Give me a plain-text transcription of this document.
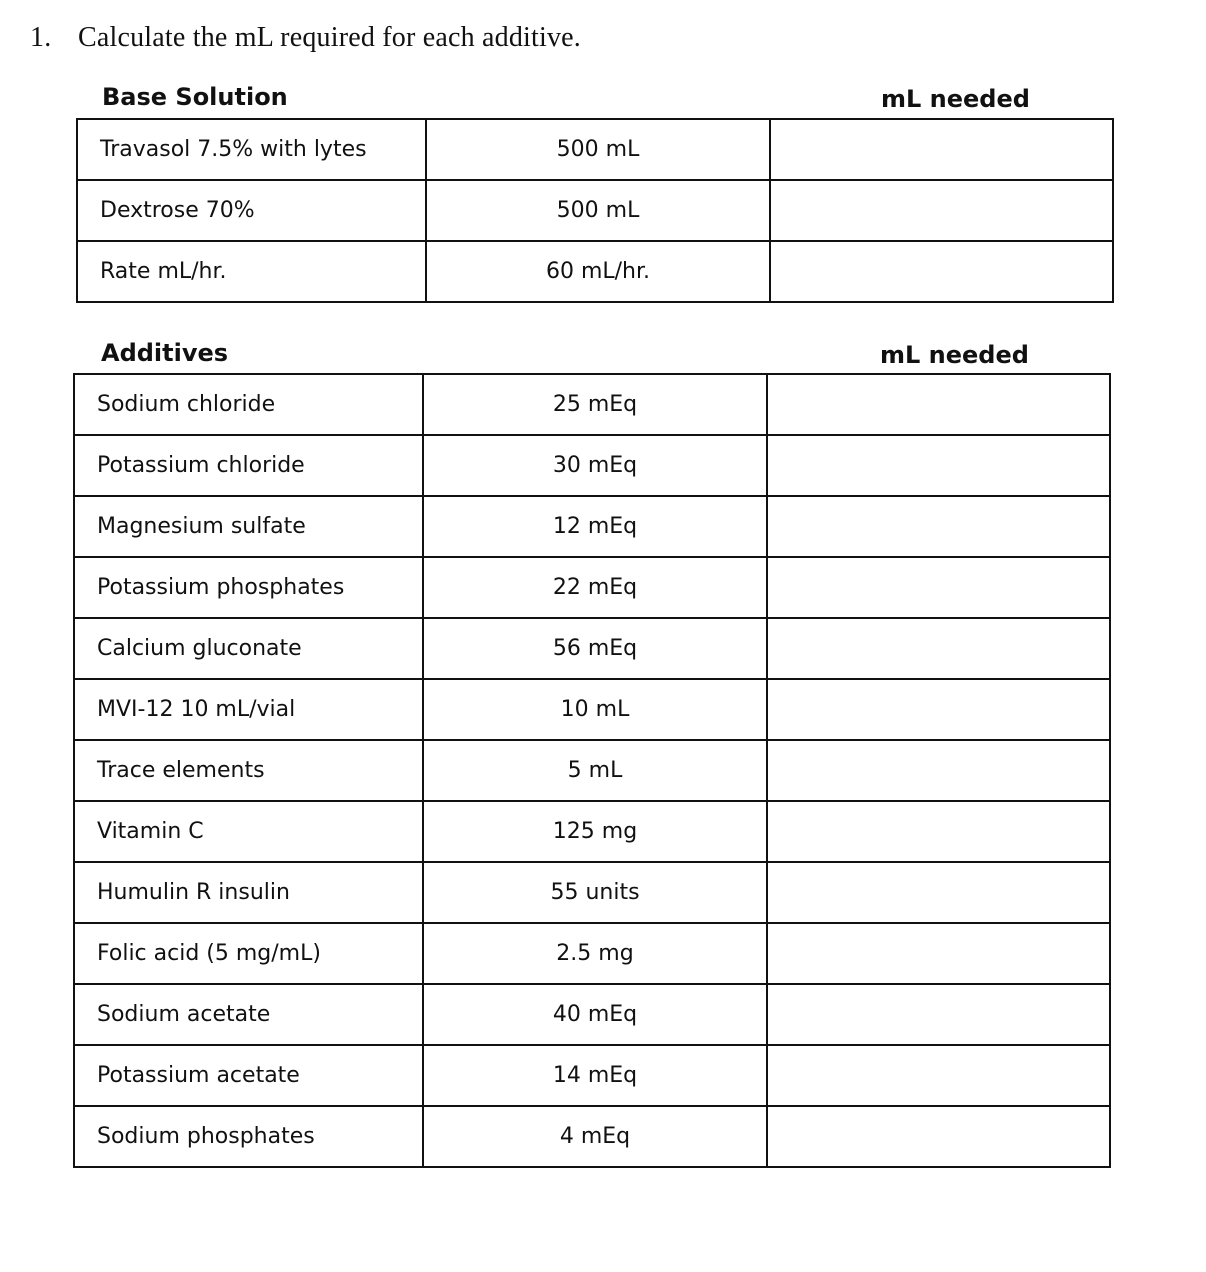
1. Calculate the mL required for each additive.
Base Solution	mL needed
Travasol 7.5% with lytes	500 mL	
Dextrose 70%	500 mL	
Rate mL/hr.	60 mL/hr.	
Additives	mL needed
Sodium chloride	25 mEq	
Potassium chloride	30 mEq	
Magnesium sulfate	12 mEq	
Potassium phosphates	22 mEq	
Calcium gluconate	56 mEq	
MVI-12 10 mL/vial	10 mL	
Trace elements	5 mL	
Vitamin C	125 mg	
Humulin R insulin	55 units	
Folic acid (5 mg/mL)	2.5 mg	
Sodium acetate	40 mEq	
Potassium acetate	14 mEq	
Sodium phosphates	4 mEq	
